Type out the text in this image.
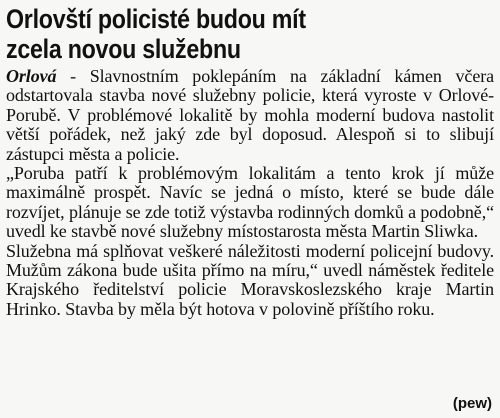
Orlovští policisté budou mít
zcela novou služebnu

Orlová - Slavnostním poklepáním na základní kámen včera odstartovala stavba nové služebny policie, která vyroste v Orlové-Porubě. V problémové lokalitě by mohla moderní budova nastolit větší pořádek, než jaký zde byl doposud. Alespoň si to slibují zástupci města a policie.

„Poruba patří k problémovým lokalitám a tento krok jí může maximálně prospět. Navíc se jedná o místo, které se bude dále rozvíjet, plánuje se zde totiž výstavba rodinných domků a podobně,“ uvedl ke stavbě nové služebny místostarosta města Martin Sliwka.

Služebna má splňovat veškeré náležitosti moderní policejní budovy. Mužům zákona bude ušita přímo na míru,“ uvedl náměstek ředitele Krajského ředitelství policie Moravskoslezského kraje Martin Hrinko. Stavba by měla být hotova v polovině příštího roku.

(pew)
